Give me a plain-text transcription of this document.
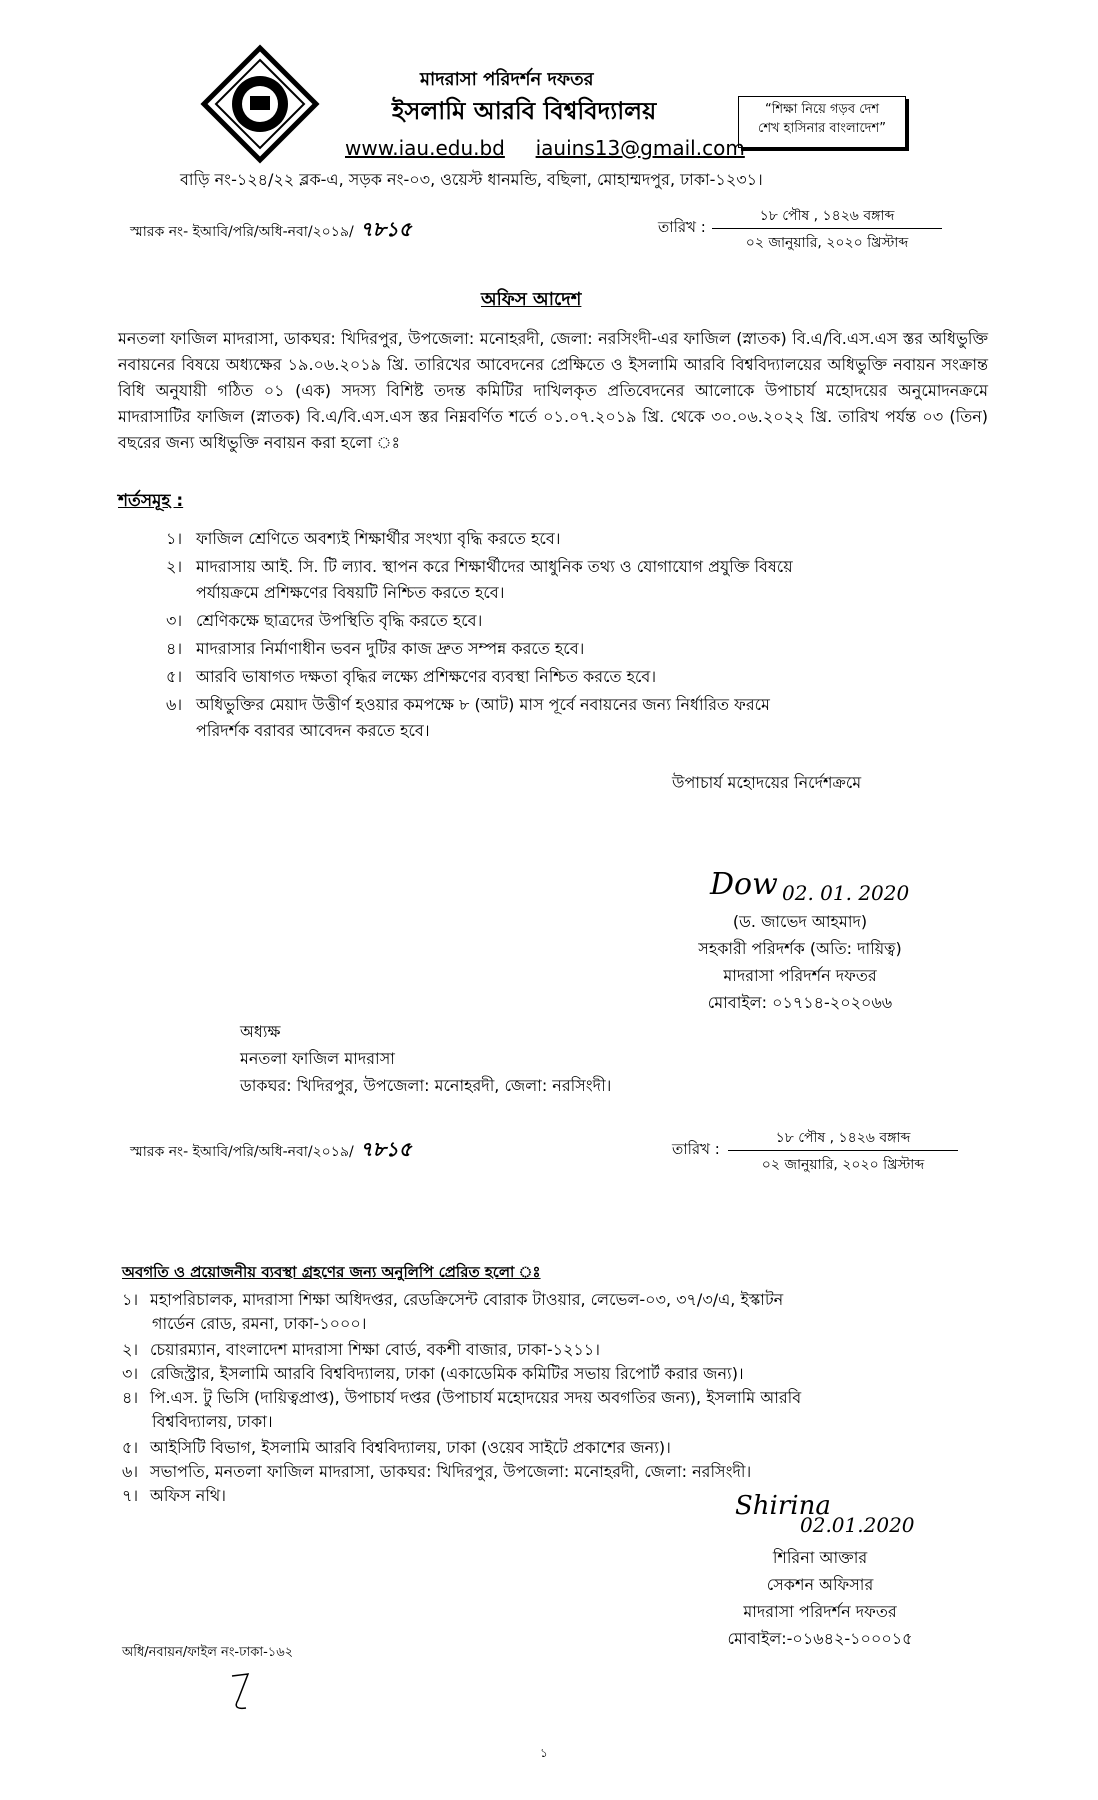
মাদরাসা পরিদর্শন দফতর
ইসলামি আরবি বিশ্ববিদ্যালয়
www.iau.edu.bd iauins13@gmail.com
“শিক্ষা নিয়ে গড়ব দেশ
শেখ হাসিনার বাংলাদেশ”
বাড়ি নং-১২৪/২২ ব্লক-এ, সড়ক নং-০৩, ওয়েস্ট ধানমন্ডি, বছিলা, মোহাম্মদপুর, ঢাকা-১২৩১।
স্মারক নং- ইআবি/পরি/অধি-নবা/২০১৯/ ৭৮১৫	তারিখ :
১৮ পৌষ , ১৪২৬ বঙ্গাব্দ
০২ জানুয়ারি, ২০২০ খ্রিস্টাব্দ
অফিস আদেশ
মনতলা ফাজিল মাদরাসা, ডাকঘর: খিদিরপুর, উপজেলা: মনোহরদী, জেলা: নরসিংদী-এর ফাজিল (স্নাতক) বি.এ/বি.এস.এস স্তর অধিভুক্তি নবায়নের বিষয়ে অধ্যক্ষের ১৯.০৬.২০১৯ খ্রি. তারিখের আবেদনের প্রেক্ষিতে ও ইসলামি আরবি বিশ্ববিদ্যালয়ের অধিভুক্তি নবায়ন সংক্রান্ত বিধি অনুযায়ী গঠিত ০১ (এক) সদস্য বিশিষ্ট তদন্ত কমিটির দাখিলকৃত প্রতিবেদনের আলোকে উপাচার্য মহোদয়ের অনুমোদনক্রমে মাদরাসাটির ফাজিল (স্নাতক) বি.এ/বি.এস.এস স্তর নিম্নবর্ণিত শর্তে ০১.০৭.২০১৯ খ্রি. থেকে ৩০.০৬.২০২২ খ্রি. তারিখ পর্যন্ত ০৩ (তিন) বছরের জন্য অধিভুক্তি নবায়ন করা হলো ঃ
শর্তসমূহ :
১। ফাজিল শ্রেণিতে অবশ্যই শিক্ষার্থীর সংখ্যা বৃদ্ধি করতে হবে।
২। মাদরাসায় আই. সি. টি ল্যাব. স্থাপন করে শিক্ষার্থীদের আধুনিক তথ্য ও যোগাযোগ প্রযুক্তি বিষয়ে
পর্যায়ক্রমে প্রশিক্ষণের বিষয়টি নিশ্চিত করতে হবে।
৩। শ্রেণিকক্ষে ছাত্রদের উপস্থিতি বৃদ্ধি করতে হবে।
৪। মাদরাসার নির্মাণাধীন ভবন দুটির কাজ দ্রুত সম্পন্ন করতে হবে।
৫। আরবি ভাষাগত দক্ষতা বৃদ্ধির লক্ষ্যে প্রশিক্ষণের ব্যবস্থা নিশ্চিত করতে হবে।
৬। অধিভুক্তির মেয়াদ উত্তীর্ণ হওয়ার কমপক্ষে ৮ (আট) মাস পূর্বে নবায়নের জন্য নির্ধারিত ফরমে
পরিদর্শক বরাবর আবেদন করতে হবে।
উপাচার্য মহোদয়ের নির্দেশক্রমে
Dow 02. 01. 2020
(ড. জাভেদ আহমাদ)
সহকারী পরিদর্শক (অতি: দায়িত্ব)
মাদরাসা পরিদর্শন দফতর
মোবাইল: ০১৭১৪-২০২০৬৬
অধ্যক্ষ
মনতলা ফাজিল মাদরাসা
ডাকঘর: খিদিরপুর, উপজেলা: মনোহরদী, জেলা: নরসিংদী।
স্মারক নং- ইআবি/পরি/অধি-নবা/২০১৯/ ৭৮১৫	তারিখ :
১৮ পৌষ , ১৪২৬ বঙ্গাব্দ
০২ জানুয়ারি, ২০২০ খ্রিস্টাব্দ
অবগতি ও প্রয়োজনীয় ব্যবস্থা গ্রহণের জন্য অনুলিপি প্রেরিত হলো ঃ
১। মহাপরিচালক, মাদরাসা শিক্ষা অধিদপ্তর, রেডক্রিসেন্ট বোরাক টাওয়ার, লেভেল-০৩, ৩৭/৩/এ, ইস্কাটন
গার্ডেন রোড, রমনা, ঢাকা-১০০০।
২। চেয়ারম্যান, বাংলাদেশ মাদরাসা শিক্ষা বোর্ড, বকশী বাজার, ঢাকা-১২১১।
৩। রেজিস্ট্রার, ইসলামি আরবি বিশ্ববিদ্যালয়, ঢাকা (একাডেমিক কমিটির সভায় রিপোর্ট করার জন্য)।
৪। পি.এস. টু ভিসি (দায়িত্বপ্রাপ্ত), উপাচার্য দপ্তর (উপাচার্য মহোদয়ের সদয় অবগতির জন্য), ইসলামি আরবি
বিশ্ববিদ্যালয়, ঢাকা।
৫। আইসিটি বিভাগ, ইসলামি আরবি বিশ্ববিদ্যালয়, ঢাকা (ওয়েব সাইটে প্রকাশের জন্য)।
৬। সভাপতি, মনতলা ফাজিল মাদরাসা, ডাকঘর: খিদিরপুর, উপজেলা: মনোহরদী, জেলা: নরসিংদী।
৭। অফিস নথি।	Shirina
02.01.2020
শিরিনা আক্তার
সেকশন অফিসার
মাদরাসা পরিদর্শন দফতর
মোবাইল:-০১৬৪২-১০০০১৫
অধি/নবায়ন/ফাইল নং-ঢাকা-১৬২
১
